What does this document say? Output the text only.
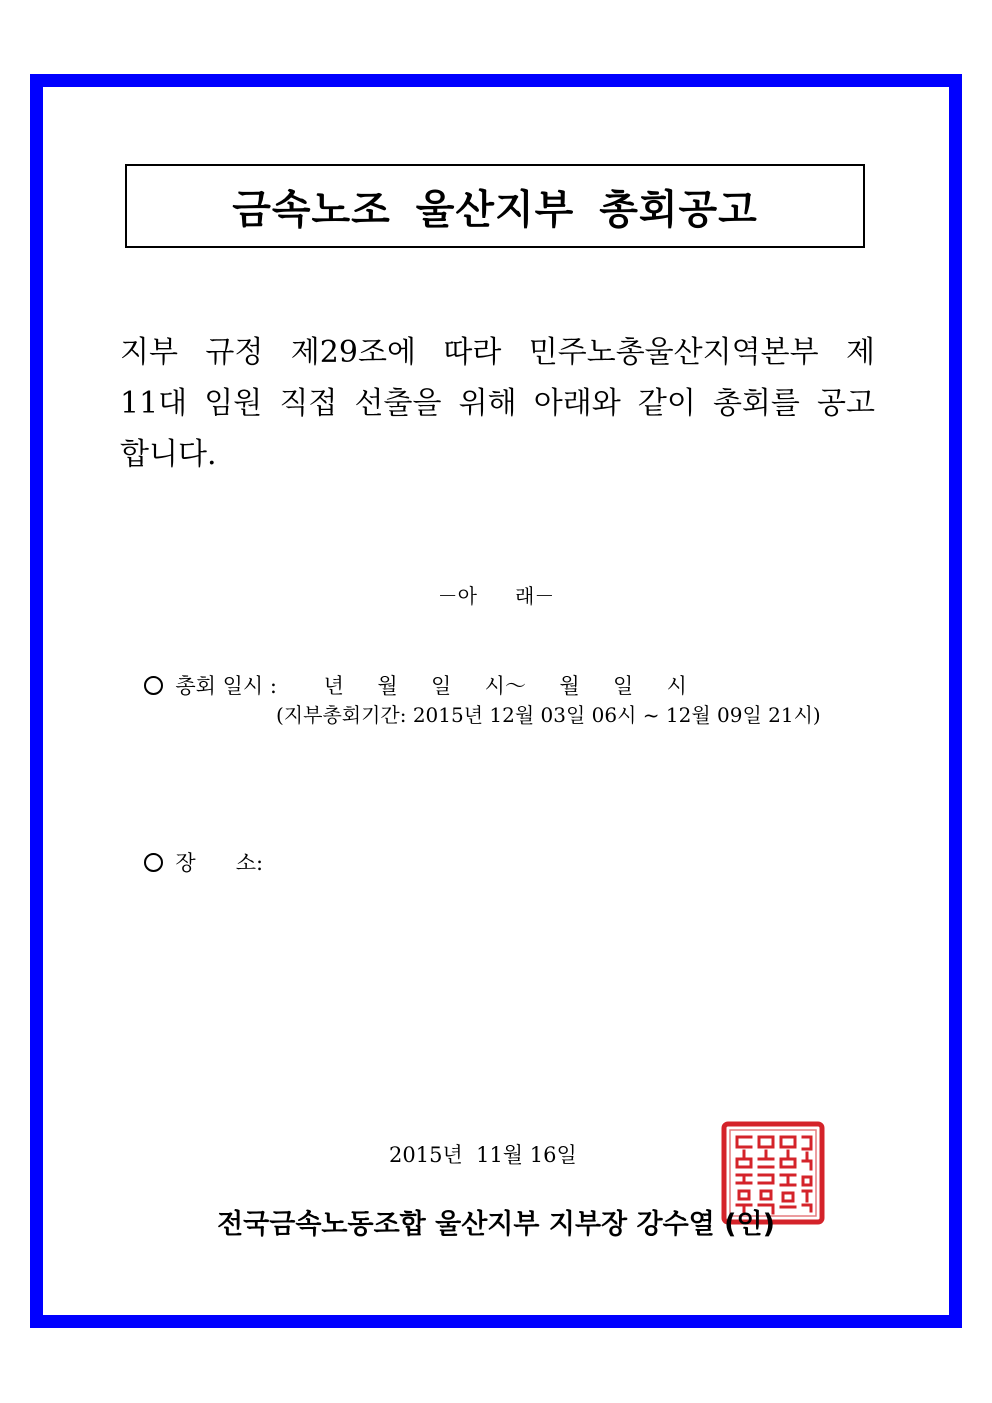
금속노조 울산지부 총회공고
지부 규정 제29조에 따라 민주노총울산지역본부 제
11대 임원 직접 선출을 위해 아래와 같이 총회를 공고
합니다.
－아      래－

총회 일시 :       년     월     일     시～     월     일     시

(지부총회기간: 2015년 12월 03일 06시 ~ 12월 09일 21시)

장      소:

2015년  11월 16일
전국금속노동조합 울산지부 지부장 강수열 (인)
